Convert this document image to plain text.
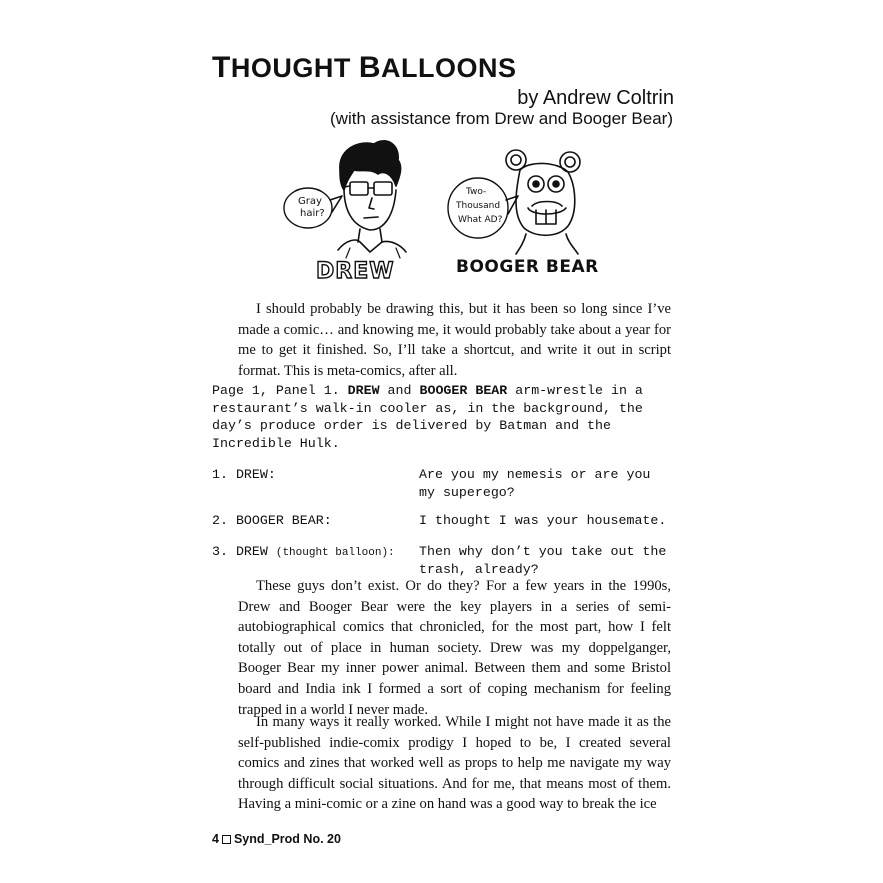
THOUGHT BALLOONS

by Andrew Coltrin

(with assistance from Drew and Booger Bear)

Gray
hair?
Two-
Thousand
What AD?
DREW	BOOGER BEAR

I should probably be drawing this, but it has been so long since I’ve made a comic… and knowing me, it would probably take about a year for me to get it finished. So, I’ll take a shortcut, and write it out in script format. This is meta-comics, after all.

Page 1, Panel 1. DREW and BOOGER BEAR arm-wrestle in a restaurant’s walk-in cooler as, in the background, the day’s produce order is delivered by Batman and the Incredible Hulk.

1. DREW:	Are you my nemesis or are you my superego?

2. BOOGER BEAR:	I thought I was your housemate.

3. DREW (thought balloon): Then why don’t you take out the trash, already?

These guys don’t exist. Or do they? For a few years in the 1990s, Drew and Booger Bear were the key players in a series of semi-autobiographical comics that chronicled, for the most part, how I felt totally out of place in human society. Drew was my doppelganger, Booger Bear my inner power animal. Between them and some Bristol board and India ink I formed a sort of coping mechanism for feeling trapped in a world I never made.

In many ways it really worked. While I might not have made it as the self-published indie-comix prodigy I hoped to be, I created several comics and zines that worked well as props to help me navigate my way through difficult social situations. And for me, that means most of them. Having a mini-comic or a zine on hand was a good way to break the ice

4 Synd_Prod No. 20
